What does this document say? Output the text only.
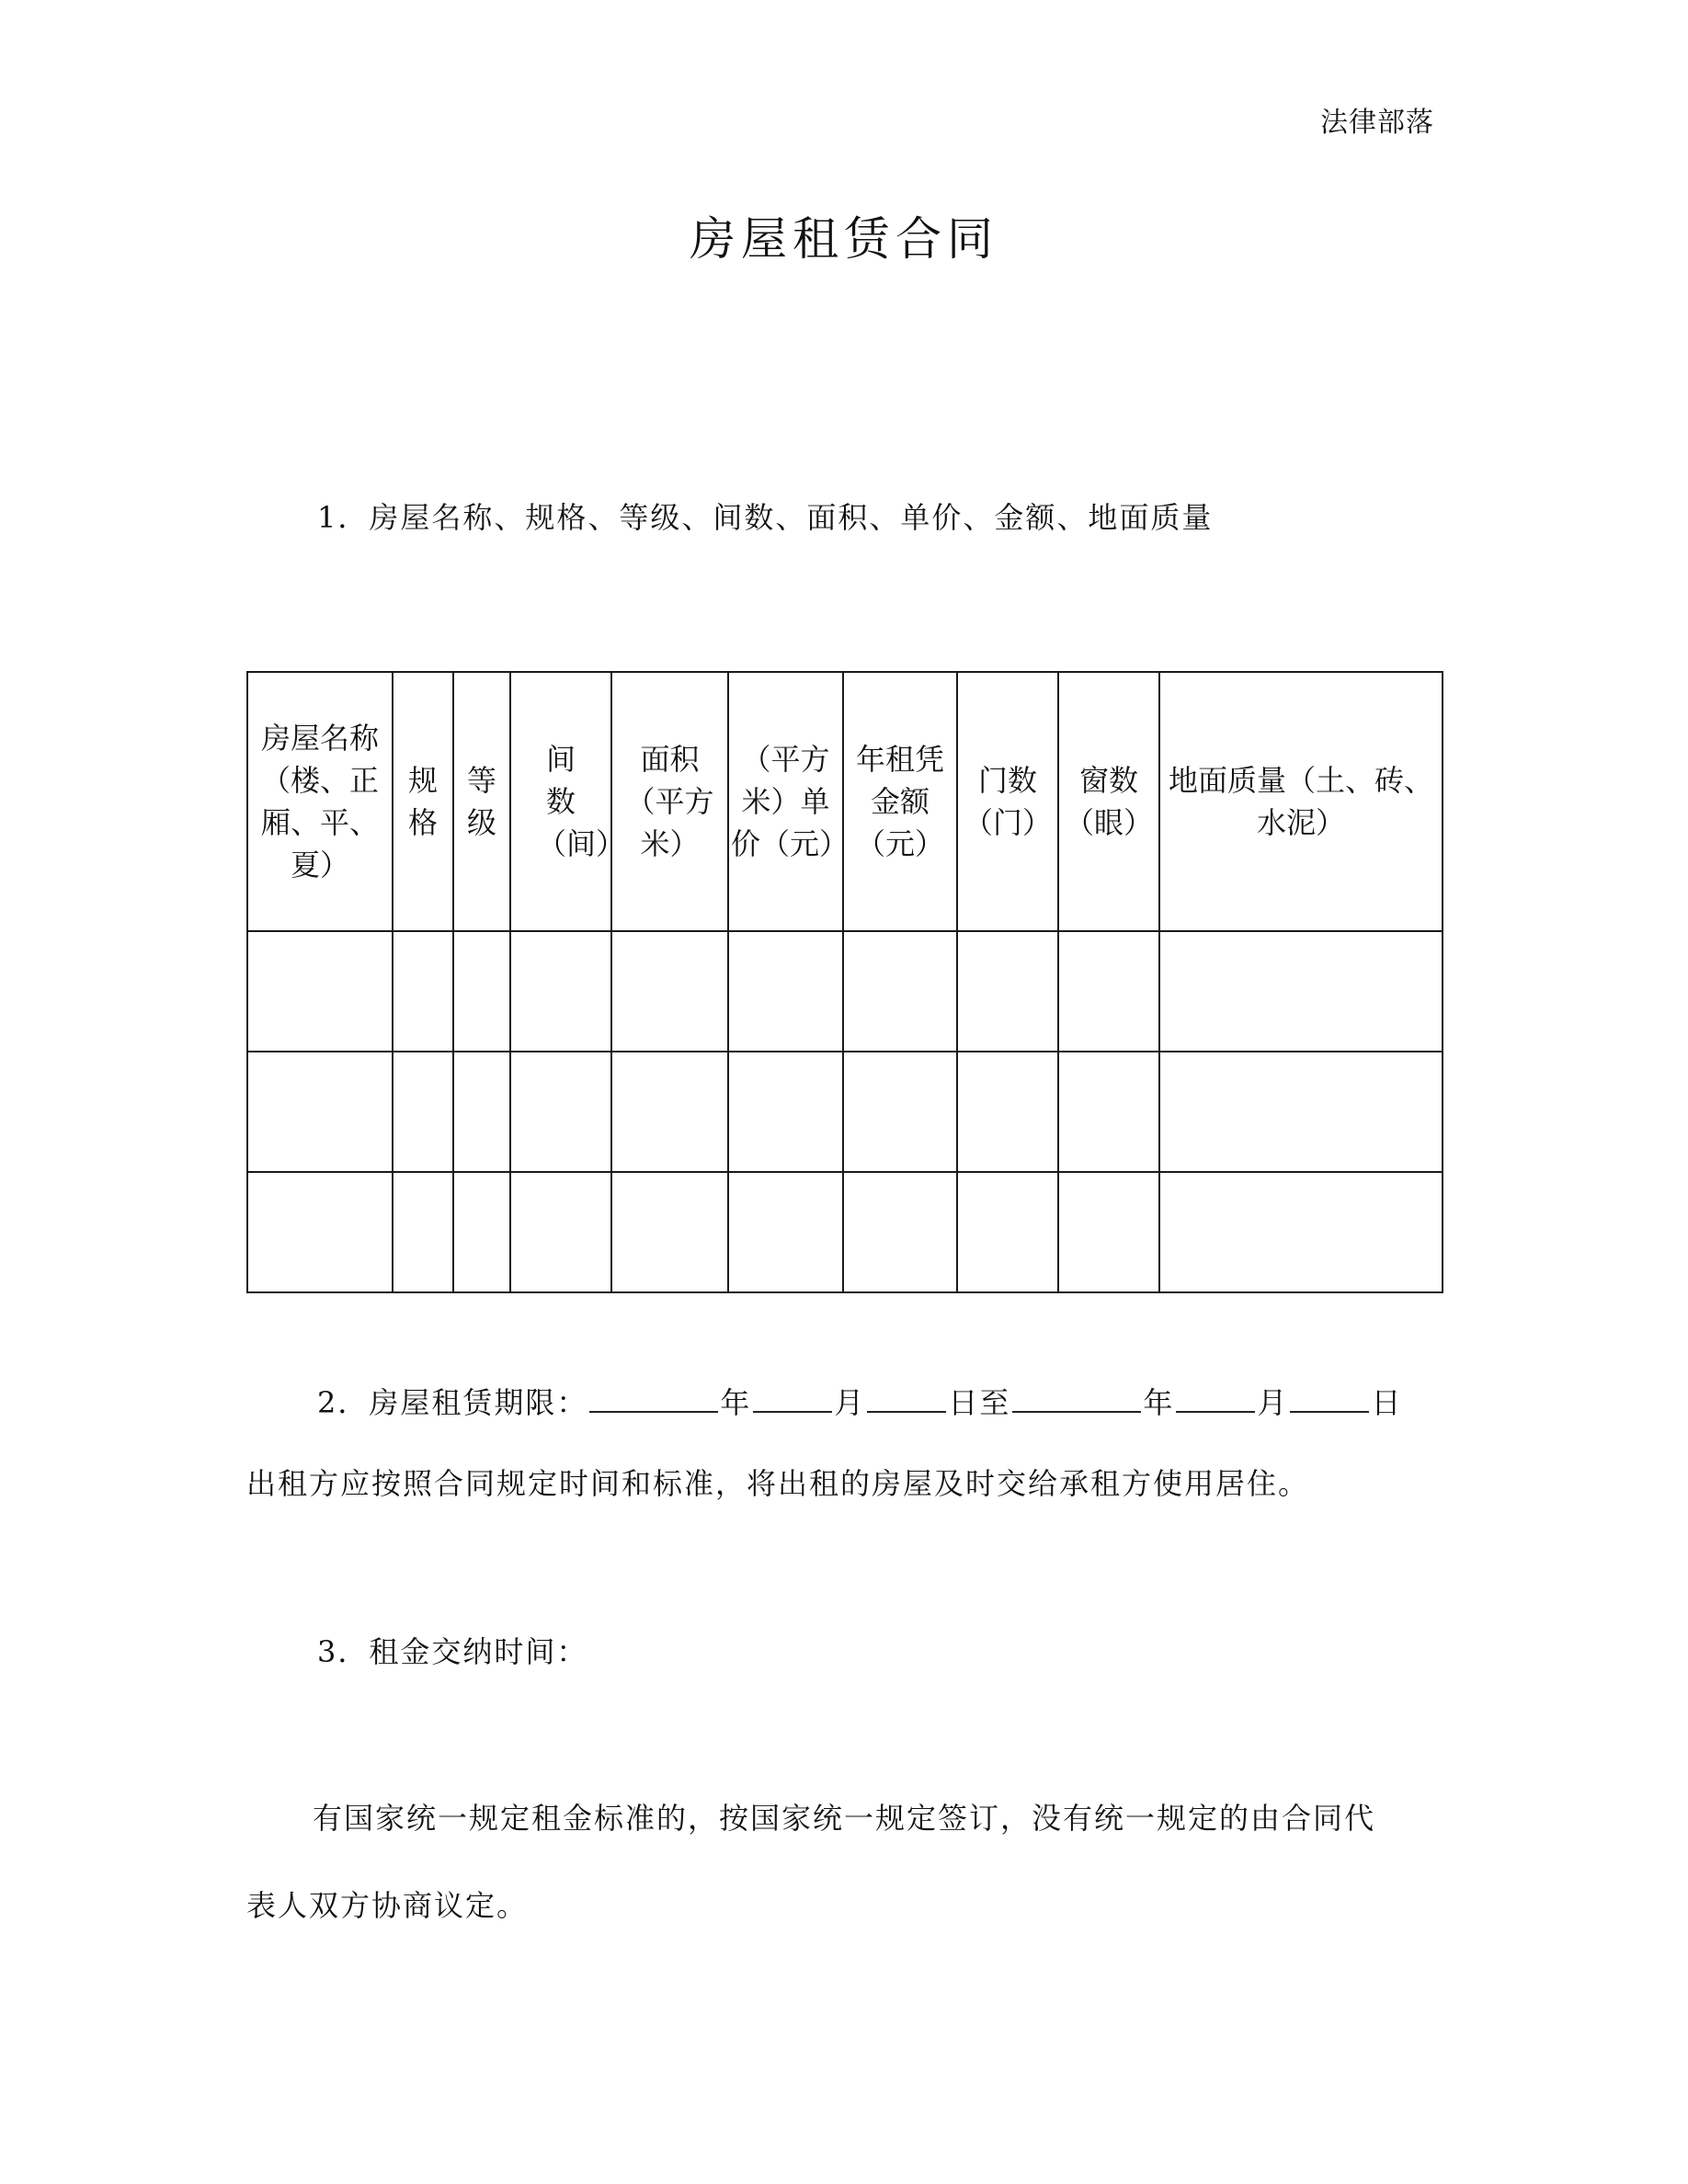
法律部落
房屋租赁合同
1．房屋名称、规格、等级、间数、面积、单价、金额、地面质量
房屋名称（楼、正厢、平、夏）	规格	等级	间数（间）	面积（平方米）	（平方米）单价（元）	年租凭金额（元）	门数（门）	窗数（眼）	地面质量（土、砖、水泥）

2．房屋租赁期限：	年	月	日至	年	月	日
出租方应按照合同规定时间和标准，将出租的房屋及时交给承租方使用居住。
3．租金交纳时间：
有国家统一规定租金标准的，按国家统一规定签订，没有统一规定的由合同代
表人双方协商议定。
